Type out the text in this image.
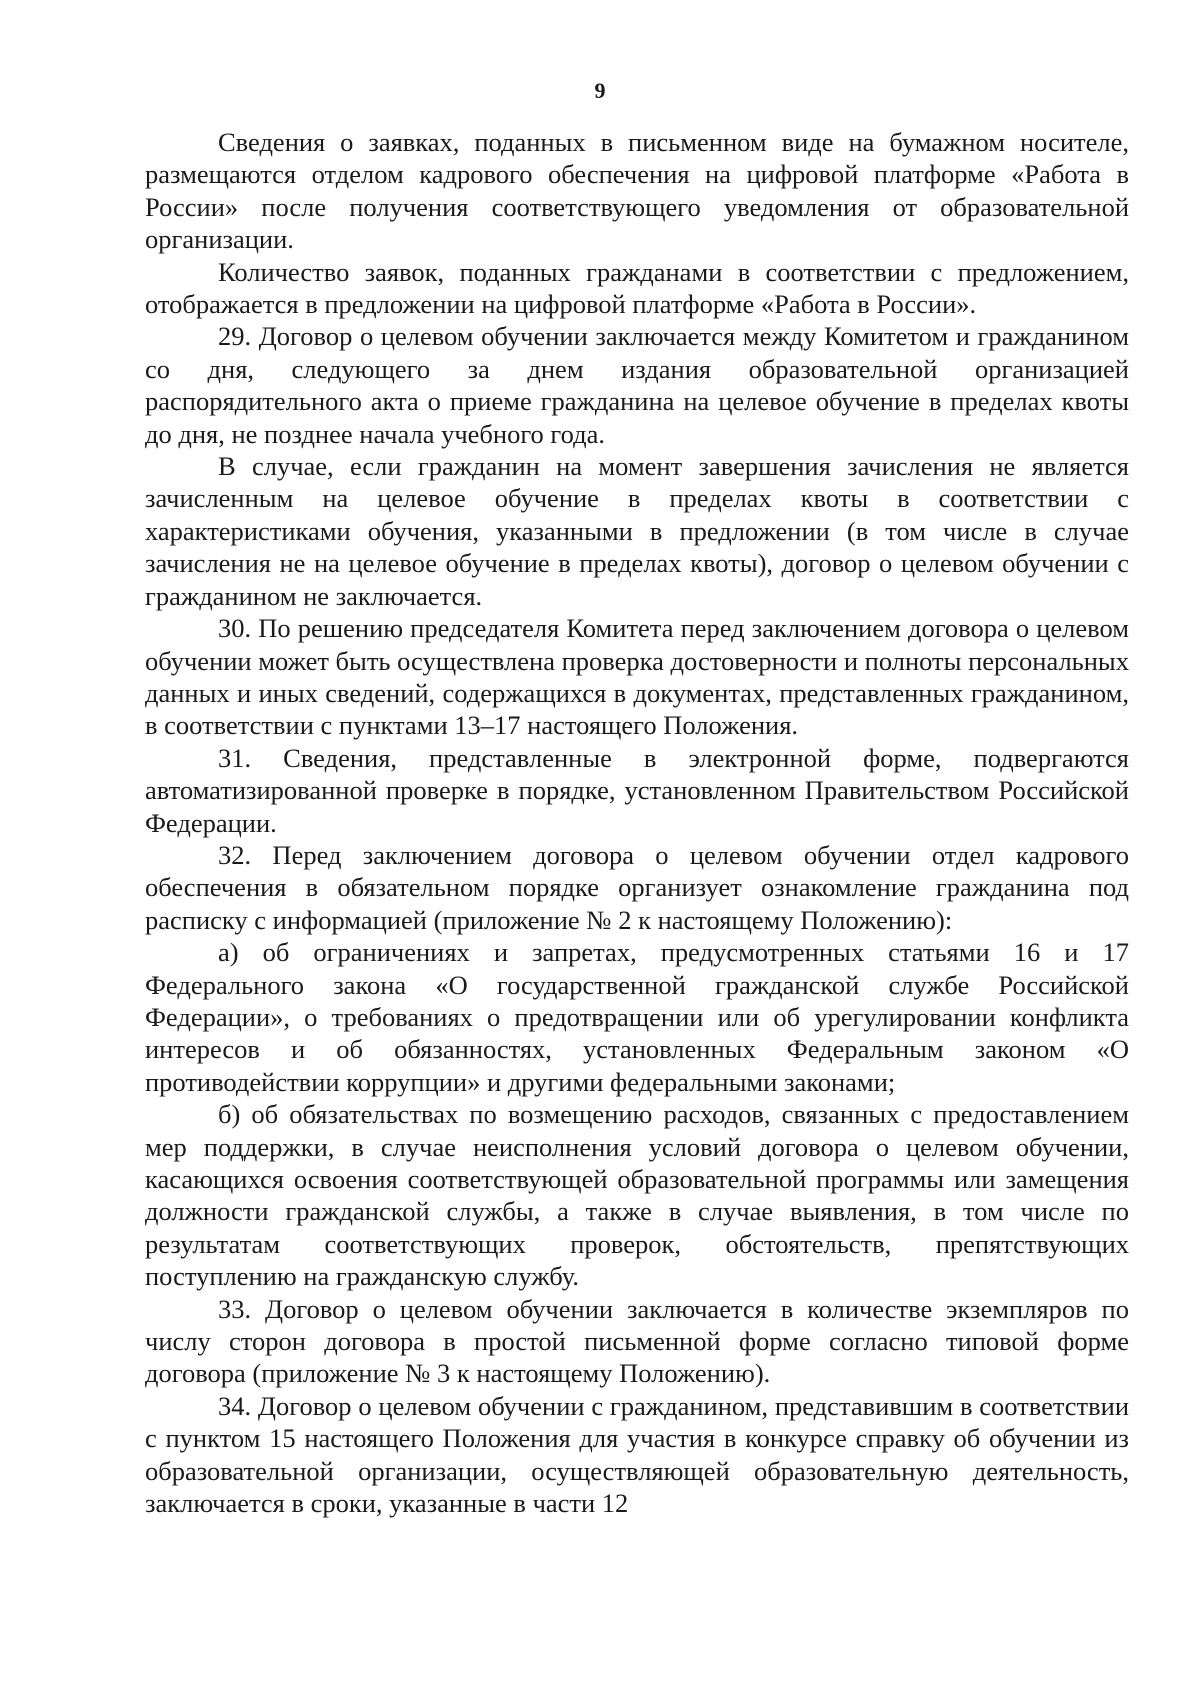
9

Сведения о заявках, поданных в письменном виде на бумажном носителе, размещаются отделом кадрового обеспечения на цифровой платформе «Работа в России» после получения соответствующего уведомления от образовательной организации.

Количество заявок, поданных гражданами в соответствии с предложением, отображается в предложении на цифровой платформе «Работа в России».

29. Договор о целевом обучении заключается между Комитетом и гражданином со дня, следующего за днем издания образовательной организацией распорядительного акта о приеме гражданина на целевое обучение в пределах квоты до дня, не позднее начала учебного года.

В случае, если гражданин на момент завершения зачисления не является зачисленным на целевое обучение в пределах квоты в соответствии с характеристиками обучения, указанными в предложении (в том числе в случае зачисления не на целевое обучение в пределах квоты), договор о целевом обучении с гражданином не заключается.

30. По решению председателя Комитета перед заключением договора о целевом обучении может быть осуществлена проверка достоверности и полноты персональных данных и иных сведений, содержащихся в документах, представленных гражданином, в соответствии с пунктами 13–17 настоящего Положения.

31. Сведения, представленные в электронной форме, подвергаются автоматизированной проверке в порядке, установленном Правительством Российской Федерации.

32. Перед заключением договора о целевом обучении отдел кадрового обеспечения в обязательном порядке организует ознакомление гражданина под расписку с информацией (приложение № 2 к настоящему Положению):

а) об ограничениях и запретах, предусмотренных статьями 16 и 17 Федерального закона «О государственной гражданской службе Российской Федерации», о требованиях о предотвращении или об урегулировании конфликта интересов и об обязанностях, установленных Федеральным законом «О противодействии коррупции» и другими федеральными законами;

б) об обязательствах по возмещению расходов, связанных с предоставлением мер поддержки, в случае неисполнения условий договора о целевом обучении, касающихся освоения соответствующей образовательной программы или замещения должности гражданской службы, а также в случае выявления, в том числе по результатам соответствующих проверок, обстоятельств, препятствующих поступлению на гражданскую службу.

33. Договор о целевом обучении заключается в количестве экземпляров по числу сторон договора в простой письменной форме согласно типовой форме договора (приложение № 3 к настоящему Положению).

34. Договор о целевом обучении с гражданином, представившим в соответствии с пунктом 15 настоящего Положения для участия в конкурсе справку об обучении из образовательной организации, осуществляющей образовательную деятельность, заключается в сроки, указанные в части 12
